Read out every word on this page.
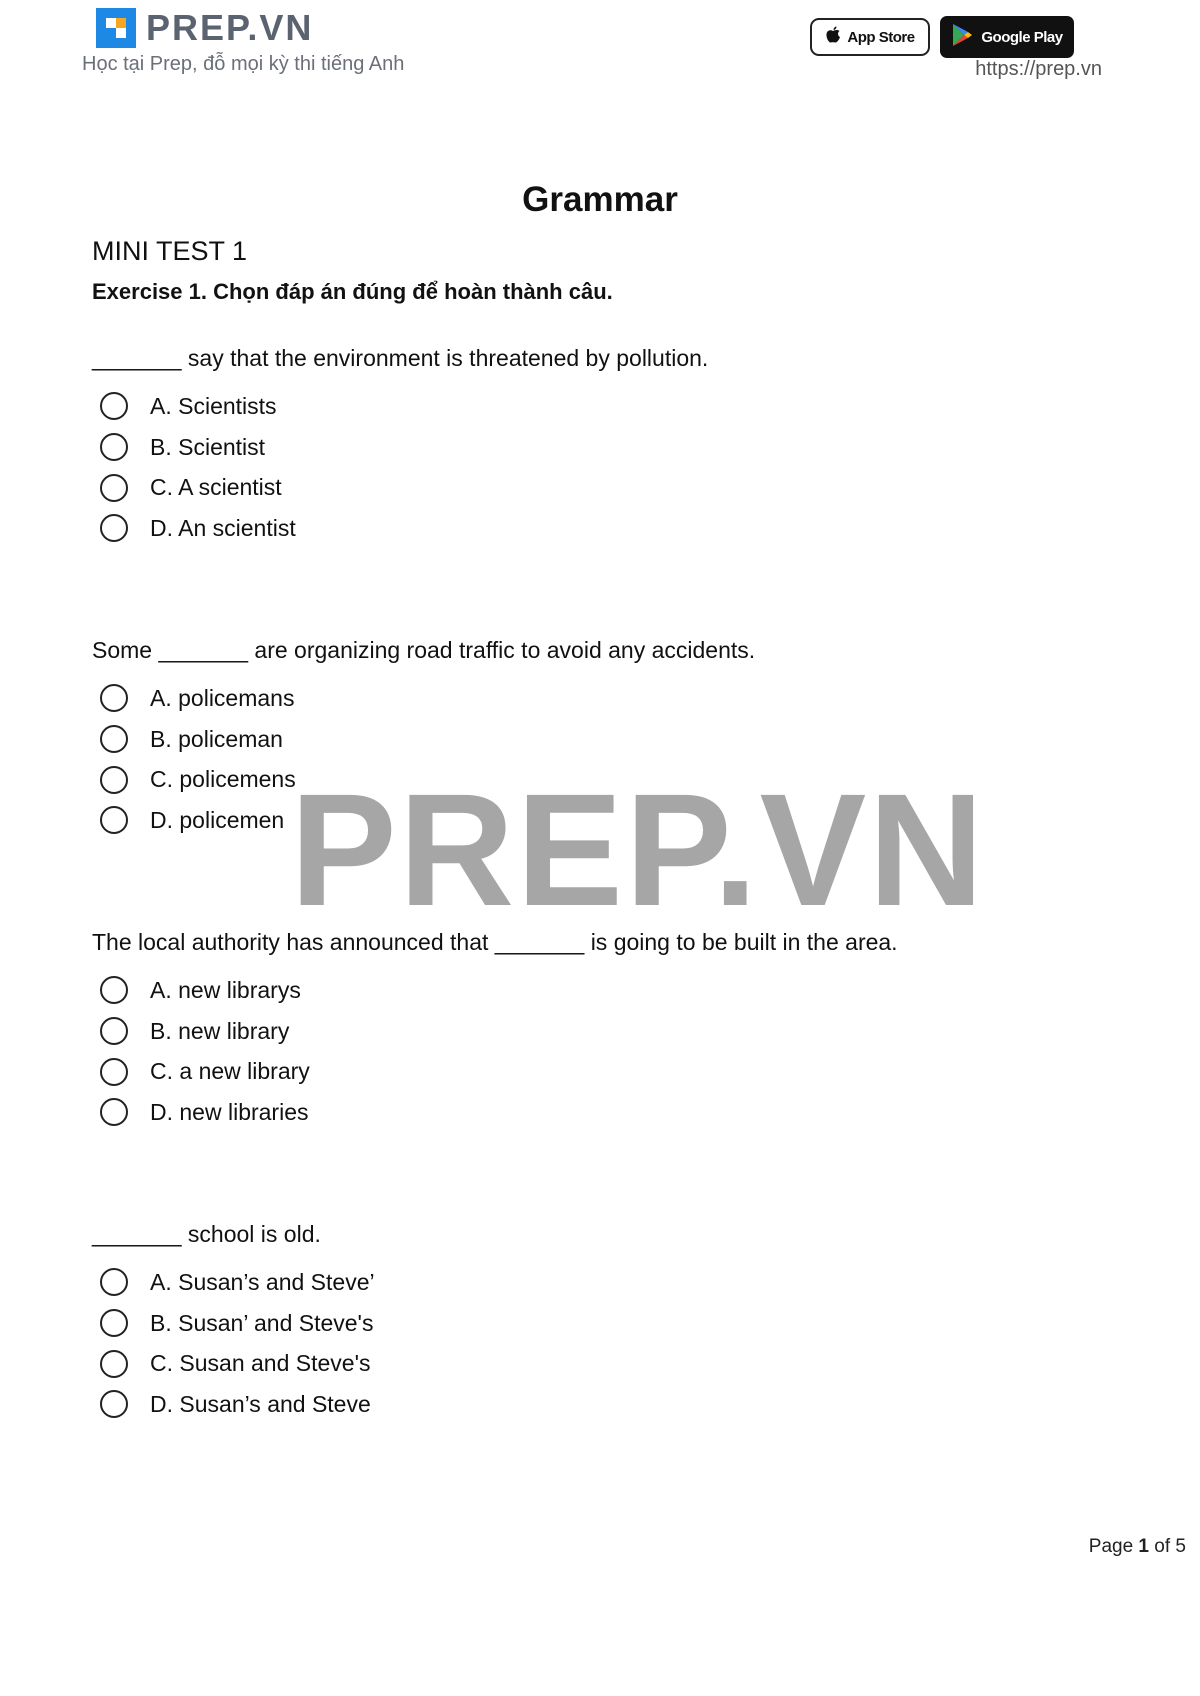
PREP.VN
Học tại Prep, đỗ mọi kỳ thi tiếng Anh
App Store	Google Play
https://prep.vn
PREP.VN
Grammar
MINI TEST 1
Exercise 1. Chọn đáp án đúng để hoàn thành câu.
_______ say that the environment is threatened by pollution.
A. Scientists
B. Scientist
C. A scientist
D. An scientist
Some _______ are organizing road traffic to avoid any accidents.
A. policemans
B. policeman
C. policemens
D. policemen
The local authority has announced that _______ is going to be built in the area.
A. new librarys
B. new library
C. a new library
D. new libraries
_______ school is old.
A. Susan’s and Steve’
B. Susan’ and Steve's
C. Susan and Steve's
D. Susan’s and Steve
Page 1 of 5
